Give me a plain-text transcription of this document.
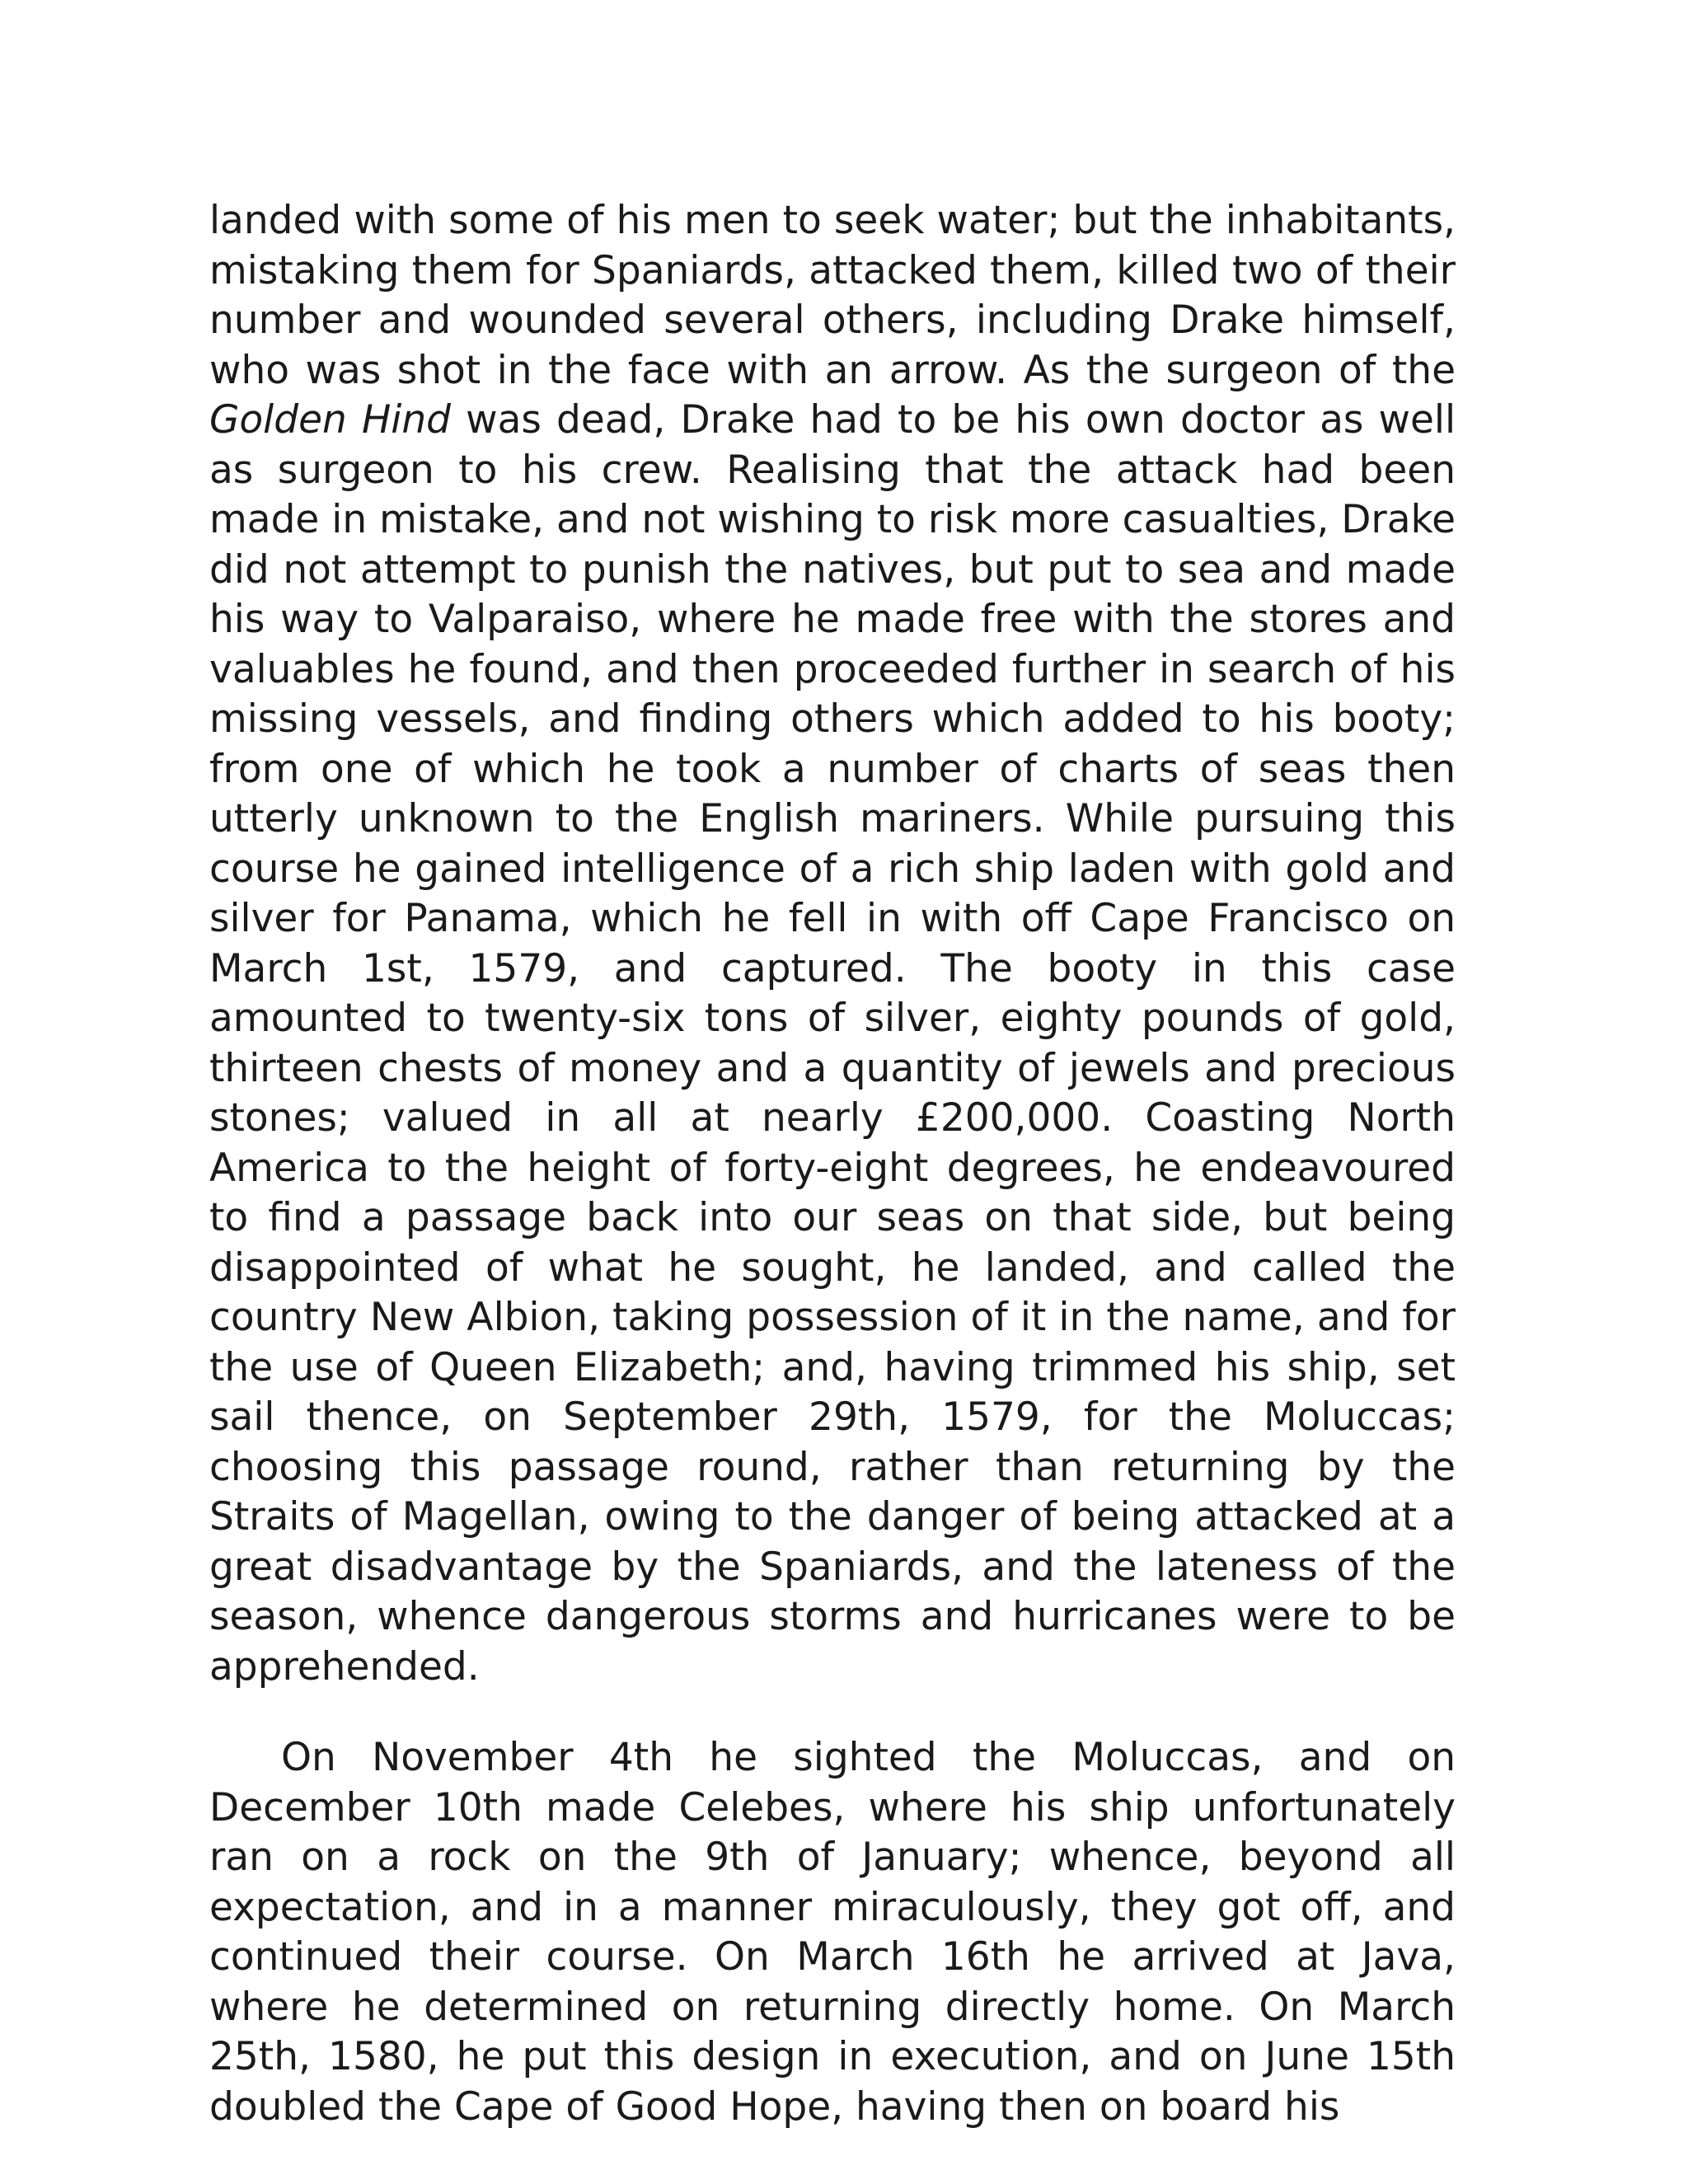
landed with some of his men to seek water; but the inhabitants, mistaking them for Spaniards, attacked them, killed two of their number and wounded several others, including Drake himself, who was shot in the face with an arrow. As the surgeon of the Golden Hind was dead, Drake had to be his own doctor as well as surgeon to his crew. Realising that the attack had been made in mistake, and not wishing to risk more casualties, Drake did not attempt to punish the natives, but put to sea and made his way to Valparaiso, where he made free with the stores and valuables he found, and then proceeded further in search of his missing vessels, and finding others which added to his booty; from one of which he took a number of charts of seas then utterly unknown to the English mariners. While pursuing this course he gained intelligence of a rich ship laden with gold and silver for Panama, which he fell in with off Cape Francisco on March 1st, 1579, and captured. The booty in this case amounted to twenty-six tons of silver, eighty pounds of gold, thirteen chests of money and a quantity of jewels and precious stones; valued in all at nearly £200,000. Coasting North America to the height of forty-eight degrees, he endeavoured to find a passage back into our seas on that side, but being disappointed of what he sought, he landed, and called the country New Albion, taking possession of it in the name, and for the use of Queen Elizabeth; and, having trimmed his ship, set sail thence, on September 29th, 1579, for the Moluccas; choosing this passage round, rather than returning by the Straits of Magellan, owing to the danger of being attacked at a great disadvantage by the Spaniards, and the lateness of the season, whence dangerous storms and hurricanes were to be apprehended.

On November 4th he sighted the Moluccas, and on December 10th made Celebes, where his ship unfortunately ran on a rock on the 9th of January; whence, beyond all expectation, and in a manner miraculously, they got off, and continued their course. On March 16th he arrived at Java, where he determined on returning directly home. On March 25th, 1580, he put this design in execution, and on June 15th doubled the Cape of Good Hope, having then on board his
